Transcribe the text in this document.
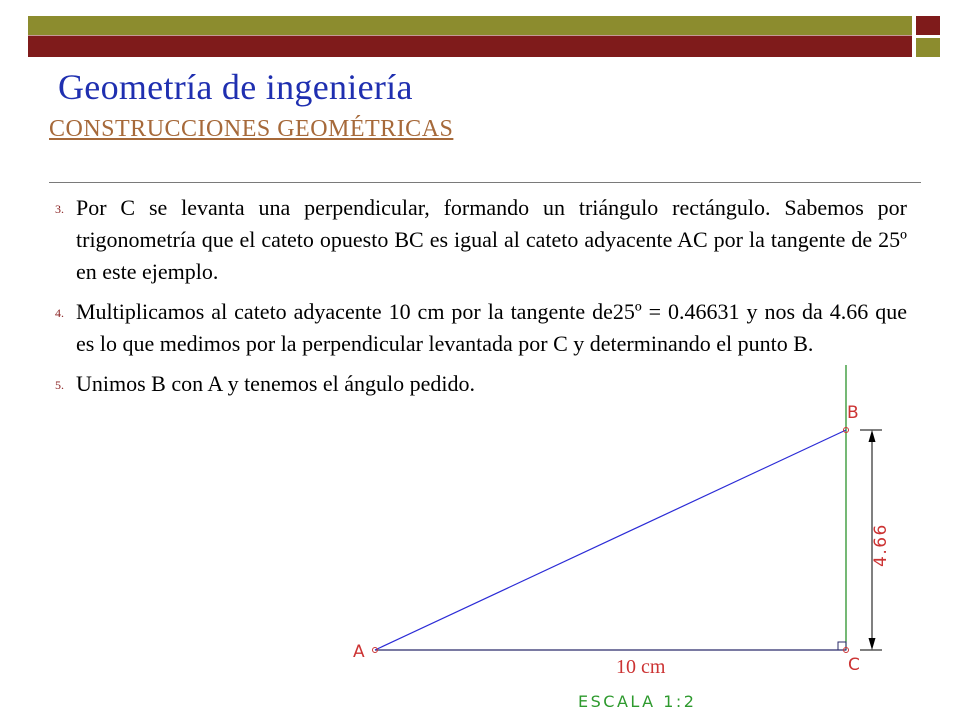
Geometría de ingeniería
CONSTRUCCIONES GEOMÉTRICAS
3. Por C se levanta una perpendicular, formando un triángulo rectángulo. Sabemos por trigonometría que el cateto opuesto BC es igual al cateto adyacente AC por la tangente de 25º en este ejemplo.
4. Multiplicamos al cateto adyacente 10 cm por la tangente de25º = 0.46631 y nos da 4.66 que es lo que medimos por la perpendicular levantada por C y determinando el punto B.
5. Unimos B con A y tenemos el ángulo pedido.
A
B
C
4.66
10 cm
ESCALA 1:2
